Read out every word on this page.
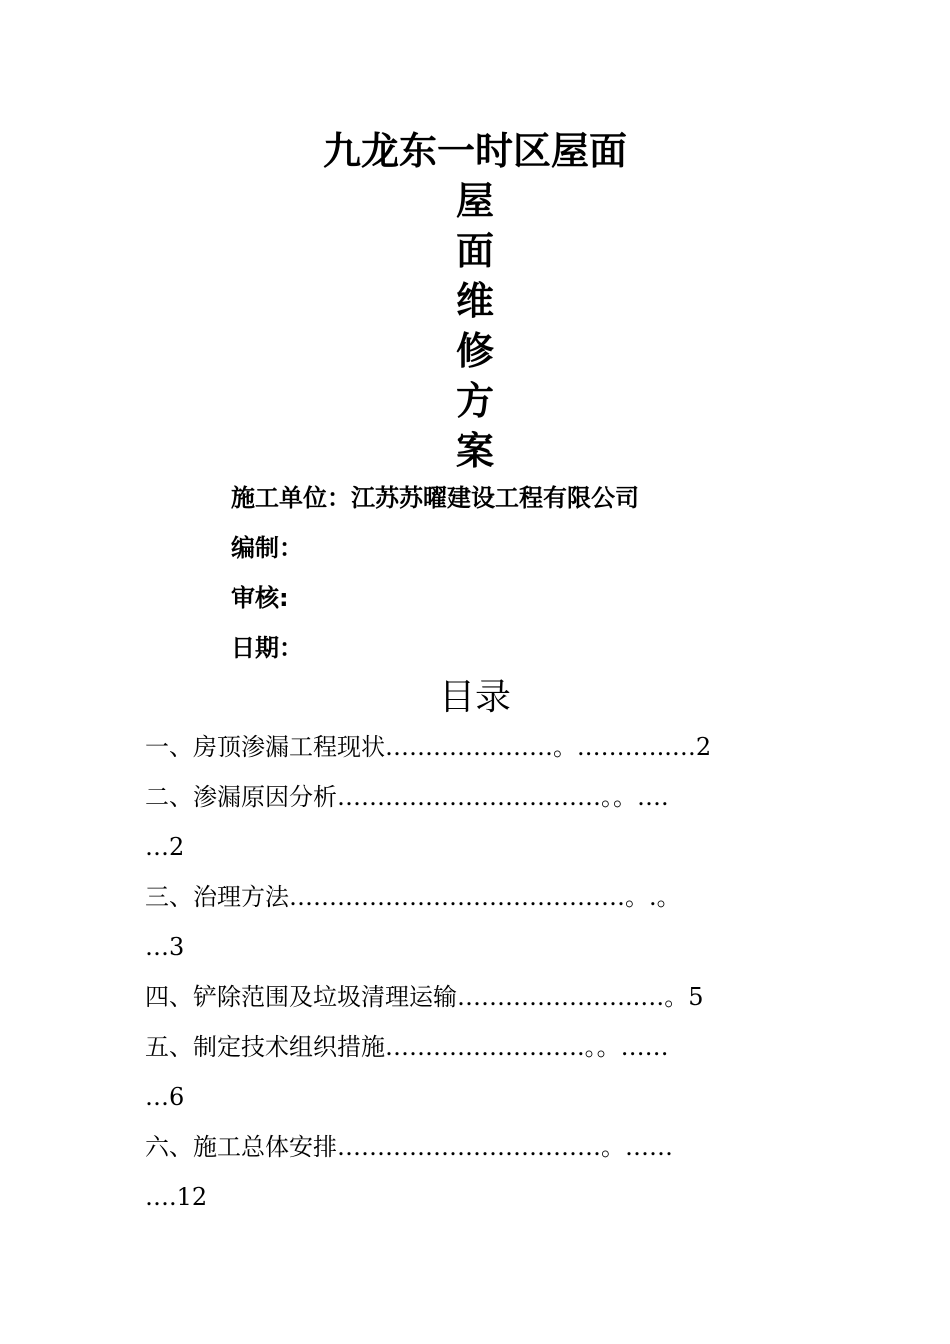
九龙东一时区屋面
屋
面
维
修
方
案
施工单位：江苏苏曜建设工程有限公司
编制：
审核:
日期：
目录
一、房顶渗漏工程现状…………………。.………..…2
二、渗漏原因分析……………………………。。….
…2
三、治理方法……………………………………。.。
…3
四、铲除范围及垃圾清理运输…………………..…。5
五、制定技术组织措施…………………….。。……
…6
六、施工总体安排……………………………。……
….12
